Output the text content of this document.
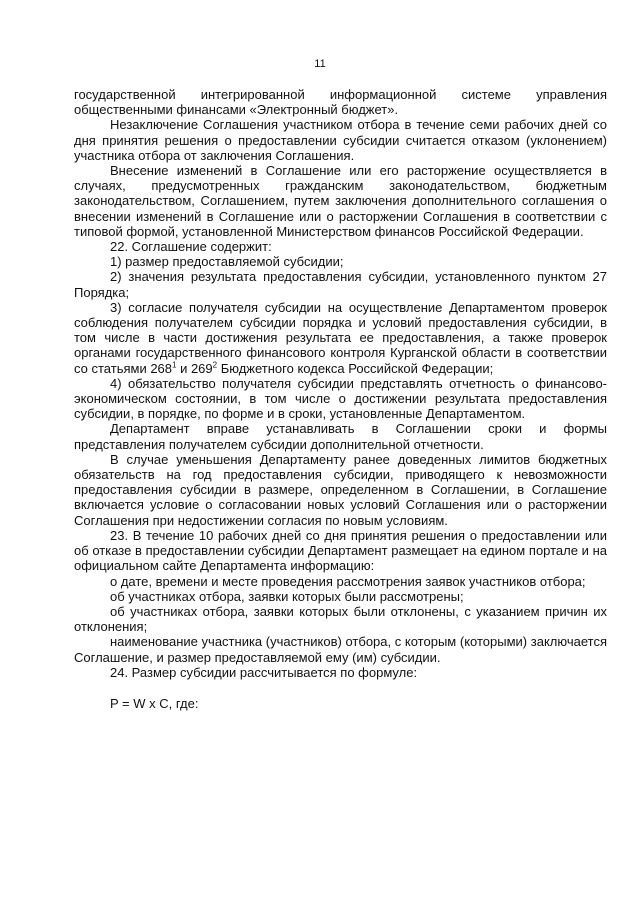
11

государственной интегрированной информационной системе управления общественными финансами «Электронный бюджет».

Незаключение Соглашения участником отбора в течение семи рабочих дней со дня принятия решения о предоставлении субсидии считается отказом (уклонением) участника отбора от заключения Соглашения.

Внесение изменений в Соглашение или его расторжение осуществляется в случаях, предусмотренных гражданским законодательством, бюджетным законодательством, Соглашением, путем заключения дополнительного соглашения о внесении изменений в Соглашение или о расторжении Соглашения в соответствии с типовой формой, установленной Министерством финансов Российской Федерации.

22. Соглашение содержит:

1) размер предоставляемой субсидии;

2) значения результата предоставления субсидии, установленного пунктом 27 Порядка;

3) согласие получателя субсидии на осуществление Департаментом проверок соблюдения получателем субсидии порядка и условий предоставления субсидии, в том числе в части достижения результата ее предоставления, а также проверок органами государственного финансового контроля Курганской области в соответствии со статьями $268^1$ и $269^2$ Бюджетного кодекса Российской Федерации;

4) обязательство получателя субсидии представлять отчетность о финансово-экономическом состоянии, в том числе о достижении результата предоставления субсидии, в порядке, по форме и в сроки, установленные Департаментом.

Департамент вправе устанавливать в Соглашении сроки и формы представления получателем субсидии дополнительной отчетности.

В случае уменьшения Департаменту ранее доведенных лимитов бюджетных обязательств на год предоставления субсидии, приводящего к невозможности предоставления субсидии в размере, определенном в Соглашении, в Соглашение включается условие о согласовании новых условий Соглашения или о расторжении Соглашения при недостижении согласия по новым условиям.

23. В течение 10 рабочих дней со дня принятия решения о предоставлении или об отказе в предоставлении субсидии Департамент размещает на едином портале и на официальном сайте Департамента информацию:

о дате, времени и месте проведения рассмотрения заявок участников отбора;

об участниках отбора, заявки которых были рассмотрены;

об участниках отбора, заявки которых были отклонены, с указанием причин их отклонения;

наименование участника (участников) отбора, с которым (которыми) заключается Соглашение, и размер предоставляемой ему (им) субсидии.

24. Размер субсидии рассчитывается по формуле:

P = W x C, где:
